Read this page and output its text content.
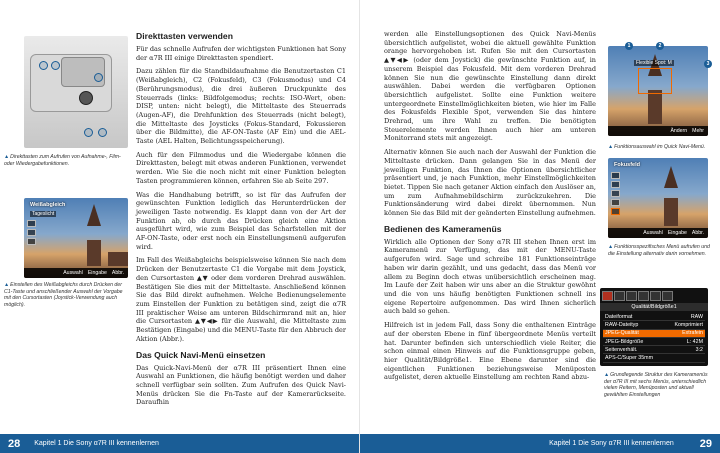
▲Direkttasten zum Aufrufen von Aufnahme-, Film- oder Wiedergabefunktionen.
Weißabgleich
Tageslicht
Auswahl Eingabe Abbr.
▲Einstellen des Weißabgleichs durch Drücken der C1-Taste und anschließender Auswahl der Vorgabe mit den Cursortasten (Joystick-Verwendung auch möglich).
Direkttasten verwenden

Für das schnelle Aufrufen der wichtigsten Funktionen hat Sony der α7R III einige Direkttasten spendiert.

Dazu zählen für die Standbildaufnahme die Benutzertasten C1 (Weißabgleich), C2 (Fokusfeld), C3 (Fokusmodus) und C4 (Berührungsmodus), die drei äußeren Druckpunkte des Steuerrads (links: Bildfolgemodus; rechts: ISO-Wert, oben: DISP, unten: nicht belegt), die Mitteltaste des Steuerrads (Augen-AF), die Drehfunktion des Steuerrads (nicht belegt), die Mitteltaste des Joysticks (Fokus-Standard, Fokussieren über die Bildmitte), die AF-ON-Taste (AF Ein) und die AEL-Taste (AEL Halten, Belichtungsspeicherung).

Auch für den Filmmodus und die Wiedergabe können die Direkttasten, belegt mit etwas anderen Funktionen, verwendet werden. Wie Sie die noch nicht mit einer Funktion belegten Tasten programmieren können, erfahren Sie ab Seite 297.

Was die Handhabung betrifft, so ist für das Aufrufen der gewünschten Funktion lediglich das Herunterdrücken der jeweiligen Taste notwendig. Es klappt dann von der Art der Funktion ab, ob durch das Drücken gleich eine Aktion ausgeführt wird, wie zum Beispiel das Scharfstellen mit der AF-ON-Taste, oder erst noch ein Einstellungsmenü aufgerufen wird.

Im Fall des Weißabgleichs beispielsweise können Sie nach dem Drücken der Benutzertaste C1 die Vorgabe mit dem Joystick, den Cursortasten ▲▼ oder dem vorderen Drehrad auswählen. Bestätigen Sie dies mit der Mitteltaste. Anschließend können Sie das Bild direkt aufnehmen. Welche Bedienungselemente zum Einstellen der Funktion zu betätigen sind, zeigt die α7R III praktischer Weise am unteren Bildschirmrand mit an, hier die Cursortasten ▲▼◀▶ für die Auswahl, die Mitteltaste zum Bestätigen (Eingabe) und die MENU-Taste für den Abbruch der Aktion (Abbr.).

Das Quick Navi-Menü einsetzen

Das Quick-Navi-Menü der α7R III präsentiert Ihnen eine Auswahl an Funktionen, die häufig benötigt werden und daher schnell verfügbar sein sollten. Zum Aufrufen des Quick Navi-Menüs drücken Sie die Fn-Taste auf der Kamerarückseite. Daraufhin

28	Kapitel 1 Die Sony α7R III kennenlernen

werden alle Einstellungsoptionen des Quick Navi-Menüs übersichtlich aufgelistet, wobei die aktuell gewählte Funktion orange hervorgehoben ist. Rufen Sie mit den Cursortasten ▲▼◀▶ (oder dem Joystick) die gewünschte Funktion auf, in unserem Beispiel das Fokusfeld. Mit dem vorderen Drehrad können Sie nun die gewünschte Einstellung dann direkt auswählen. Dabei werden die verfügbaren Optionen übersichtlich aufgelistet. Sollte eine Funktion weitere untergeordnete Einstellmöglichkeiten bieten, wie hier im Falle des Fokusfelds Flexible Spot, verwenden Sie das hintere Drehrad, um ihre Wahl zu treffen. Die benötigten Steuerelemente werden Ihnen auch hier am unteren Monitorrand stets mit angezeigt.

Alternativ können Sie auch nach der Auswahl der Funktion die Mitteltaste drücken. Dann gelangen Sie in das Menü der jeweiligen Funktion, das Ihnen die Optionen übersichtlicher präsentiert und, je nach Funktion, mehr Einstellmöglichkeiten bietet. Tippen Sie nach getaner Aktion einfach den Auslöser an, um zum Aufnahmebildschirm zurückzukehren. Die Funktionsänderung wird dabei direkt übernommen. Nun können Sie das Bild mit der geänderten Einstellung aufnehmen.

Bedienen des Kameramenüs

Wirklich alle Optionen der Sony α7R III stehen Ihnen erst im Kameramenü zur Verfügung, das mit der MENU-Taste aufgerufen wird. Sage und schreibe 181 Funktionseinträge haben wir darin gezählt, und uns gedacht, dass das Menü vor allem zu Beginn doch etwas unübersichtlich erscheinen mag. Im Laufe der Zeit haben wir uns aber an die Struktur gewöhnt und die von uns häufig benötigten Funktionen schnell ins eigene Repertoire aufgenommen. Das wird Ihnen sicherlich auch bald so gehen.

Hilfreich ist in jedem Fall, dass Sony die enthaltenen Einträge auf der obersten Ebene in fünf übergeordnete Menüs verteilt hat. Darunter befinden sich unterschiedlich viele Reiter, die schon einmal einen Hinweis auf die Funktionsgruppe geben, hier Qualität/Bildgröße1. Eine Ebene darunter sind die eigentlichen Funktionen beziehungsweise Menüposten aufgelistet, deren aktuelle Einstellung am rechten Rand abzu-

Flexible Spot: M
Ändern Mehr
1	2
3
▲Funktionsauswahl im Quick Navi-Menü.
Fokusfeld
Auswahl Eingabe Abbr.
▲Funktionsspezifisches Menü aufrufen und die Einstellung alternativ darin vornehmen.
Qualität/Bildgröße1
Dateiformat	RAW
RAW-Dateityp	Komprimiert
JPEG-Qualität	Extrafein
JPEG-Bildgröße	L: 42M
Seitenverhält.	3:2
APS-C/Super 35mm
▲Grundlegende Struktur des Kameramenüs der α7R III mit sechs Menüs, unterschiedlich vielen Reitern, Menüposten und aktuell gewählten Einstellungen
Kapitel 1 Die Sony α7R III kennenlernen	29
